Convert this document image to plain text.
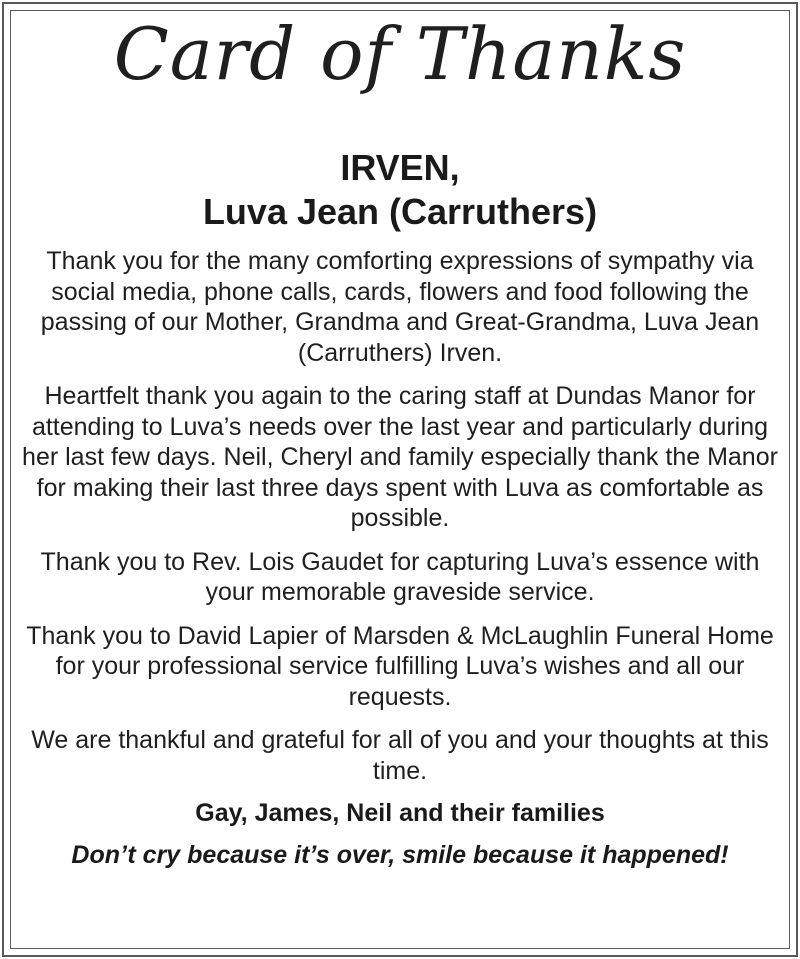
Card of Thanks
IRVEN,
Luva Jean (Carruthers)

Thank you for the many comforting expressions of sympathy via social media, phone calls, cards, flowers and food following the passing of our Mother, Grandma and Great-Grandma, Luva Jean (Carruthers) Irven.

Heartfelt thank you again to the caring staff at Dundas Manor for attending to Luva’s needs over the last year and particularly during her last few days. Neil, Cheryl and family especially thank the Manor for making their last three days spent with Luva as comfortable as possible.

Thank you to Rev. Lois Gaudet for capturing Luva’s essence with your memorable graveside service.

Thank you to David Lapier of Marsden & McLaughlin Funeral Home for your professional service fulfilling Luva’s wishes and all our requests.

We are thankful and grateful for all of you and your thoughts at this time.

Gay, James, Neil and their families
Don’t cry because it’s over, smile because it happened!
